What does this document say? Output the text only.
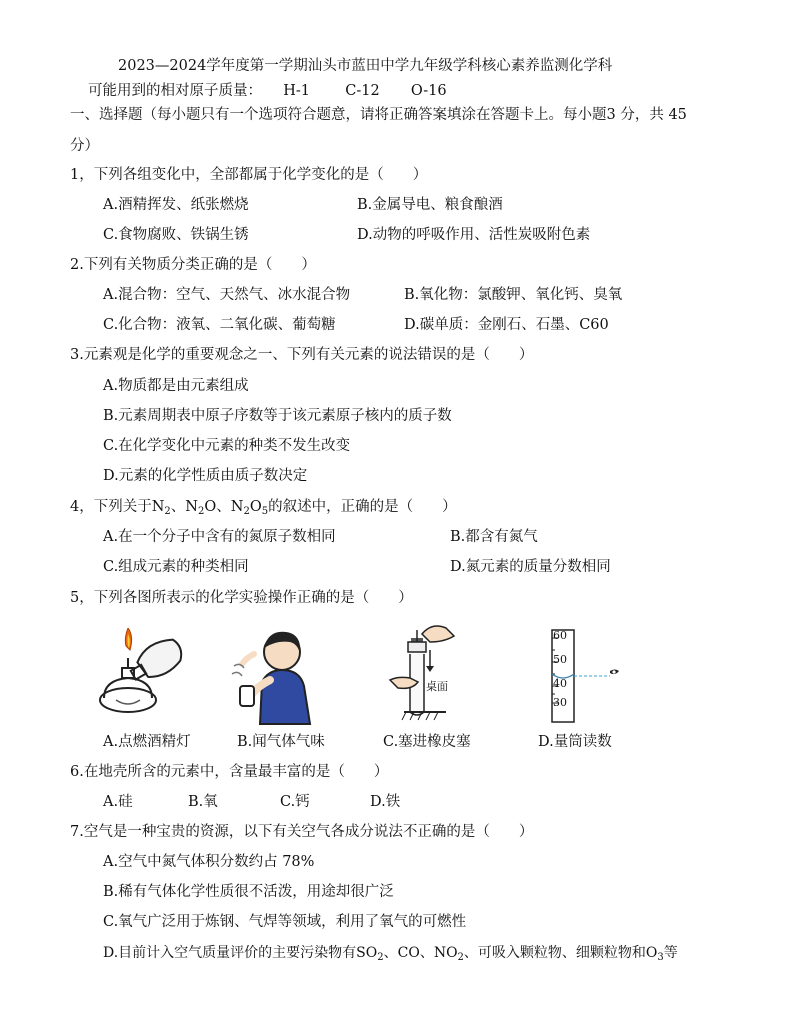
2023—2024学年度第一学期汕头市蓝田中学九年级学科核心素养监测化学科
可能用到的相对原子质量： H-1 C-12 O-16
一、选择题（每小题只有一个选项符合题意，请将正确答案填涂在答题卡上。每小题3 分，共 45
分）
1，下列各组变化中，全部都属于化学变化的是（　　）
A.酒精挥发、纸张燃烧	B.金属导电、粮食酿酒
C.食物腐败、铁锅生锈	D.动物的呼吸作用、活性炭吸附色素
2.下列有关物质分类正确的是（　　）
A.混合物：空气、天然气、冰水混合物	B.氧化物：氯酸钾、氧化钙、臭氧
C.化合物：液氧、二氧化碳、葡萄糖	D.碳单质：金刚石、石墨、C60
3.元素观是化学的重要观念之一、下列有关元素的说法错误的是（　　）
A.物质都是由元素组成
B.元素周期表中原子序数等于该元素原子核内的质子数
C.在化学变化中元素的种类不发生改变
D.元素的化学性质由质子数决定
4，下列关于$N_2$、$N_2O$、$N_2O_5$的叙述中，正确的是（　　）
A.在一个分子中含有的氮原子数相同	B.都含有氮气
C.组成元素的种类相同	D.氮元素的质量分数相同
5，下列各图所表示的化学实验操作正确的是（　　）
桌面
60
50
40
30
A.点燃酒精灯	B.闻气体气味	C.塞进橡皮塞	D.量筒读数
6.在地壳所含的元素中，含量最丰富的是（　　）
A.硅	B.氧	C.钙	D.铁
7.空气是一种宝贵的资源，以下有关空气各成分说法不正确的是（　　）
A.空气中氮气体积分数约占 78%
B.稀有气体化学性质很不活泼，用途却很广泛
C.氧气广泛用于炼钢、气焊等领域，利用了氧气的可燃性
D.目前计入空气质量评价的主要污染物有$SO_2$、CO、$NO_2$、可吸入颗粒物、细颗粒物和$O_3$等
